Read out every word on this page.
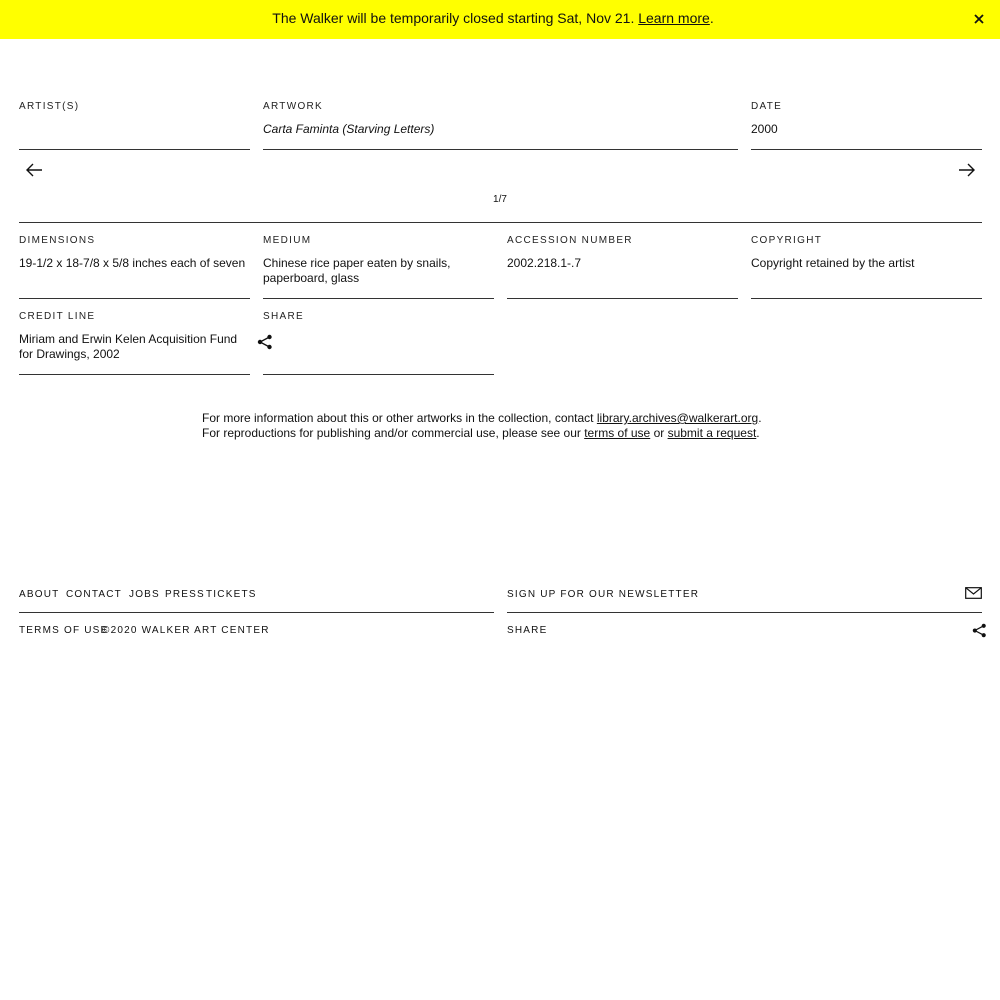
The Walker will be temporarily closed starting Sat, Nov 21. Learn more.
ARTIST(S)	ARTWORK
Carta Faminta (Starving Letters)
DATE
2000
1/7
DIMENSIONS
19-1/2 x 18-7/8 x 5/8 inches each of seven
MEDIUM
Chinese rice paper eaten by snails, paperboard, glass
ACCESSION NUMBER
2002.218.1-.7
COPYRIGHT
Copyright retained by the artist
CREDIT LINE
Miriam and Erwin Kelen Acquisition Fund for Drawings, 2002
SHARE
For more information about this or other artworks in the collection, contact library.archives@walkerart.org. For reproductions for publishing and/or commercial use, please see our terms of use or submit a request.
ABOUT CONTACT JOBS PRESS TICKETS	SIGN UP FOR OUR NEWSLETTER
TERMS OF USE
©2020 WALKER ART CENTER	SHARE
